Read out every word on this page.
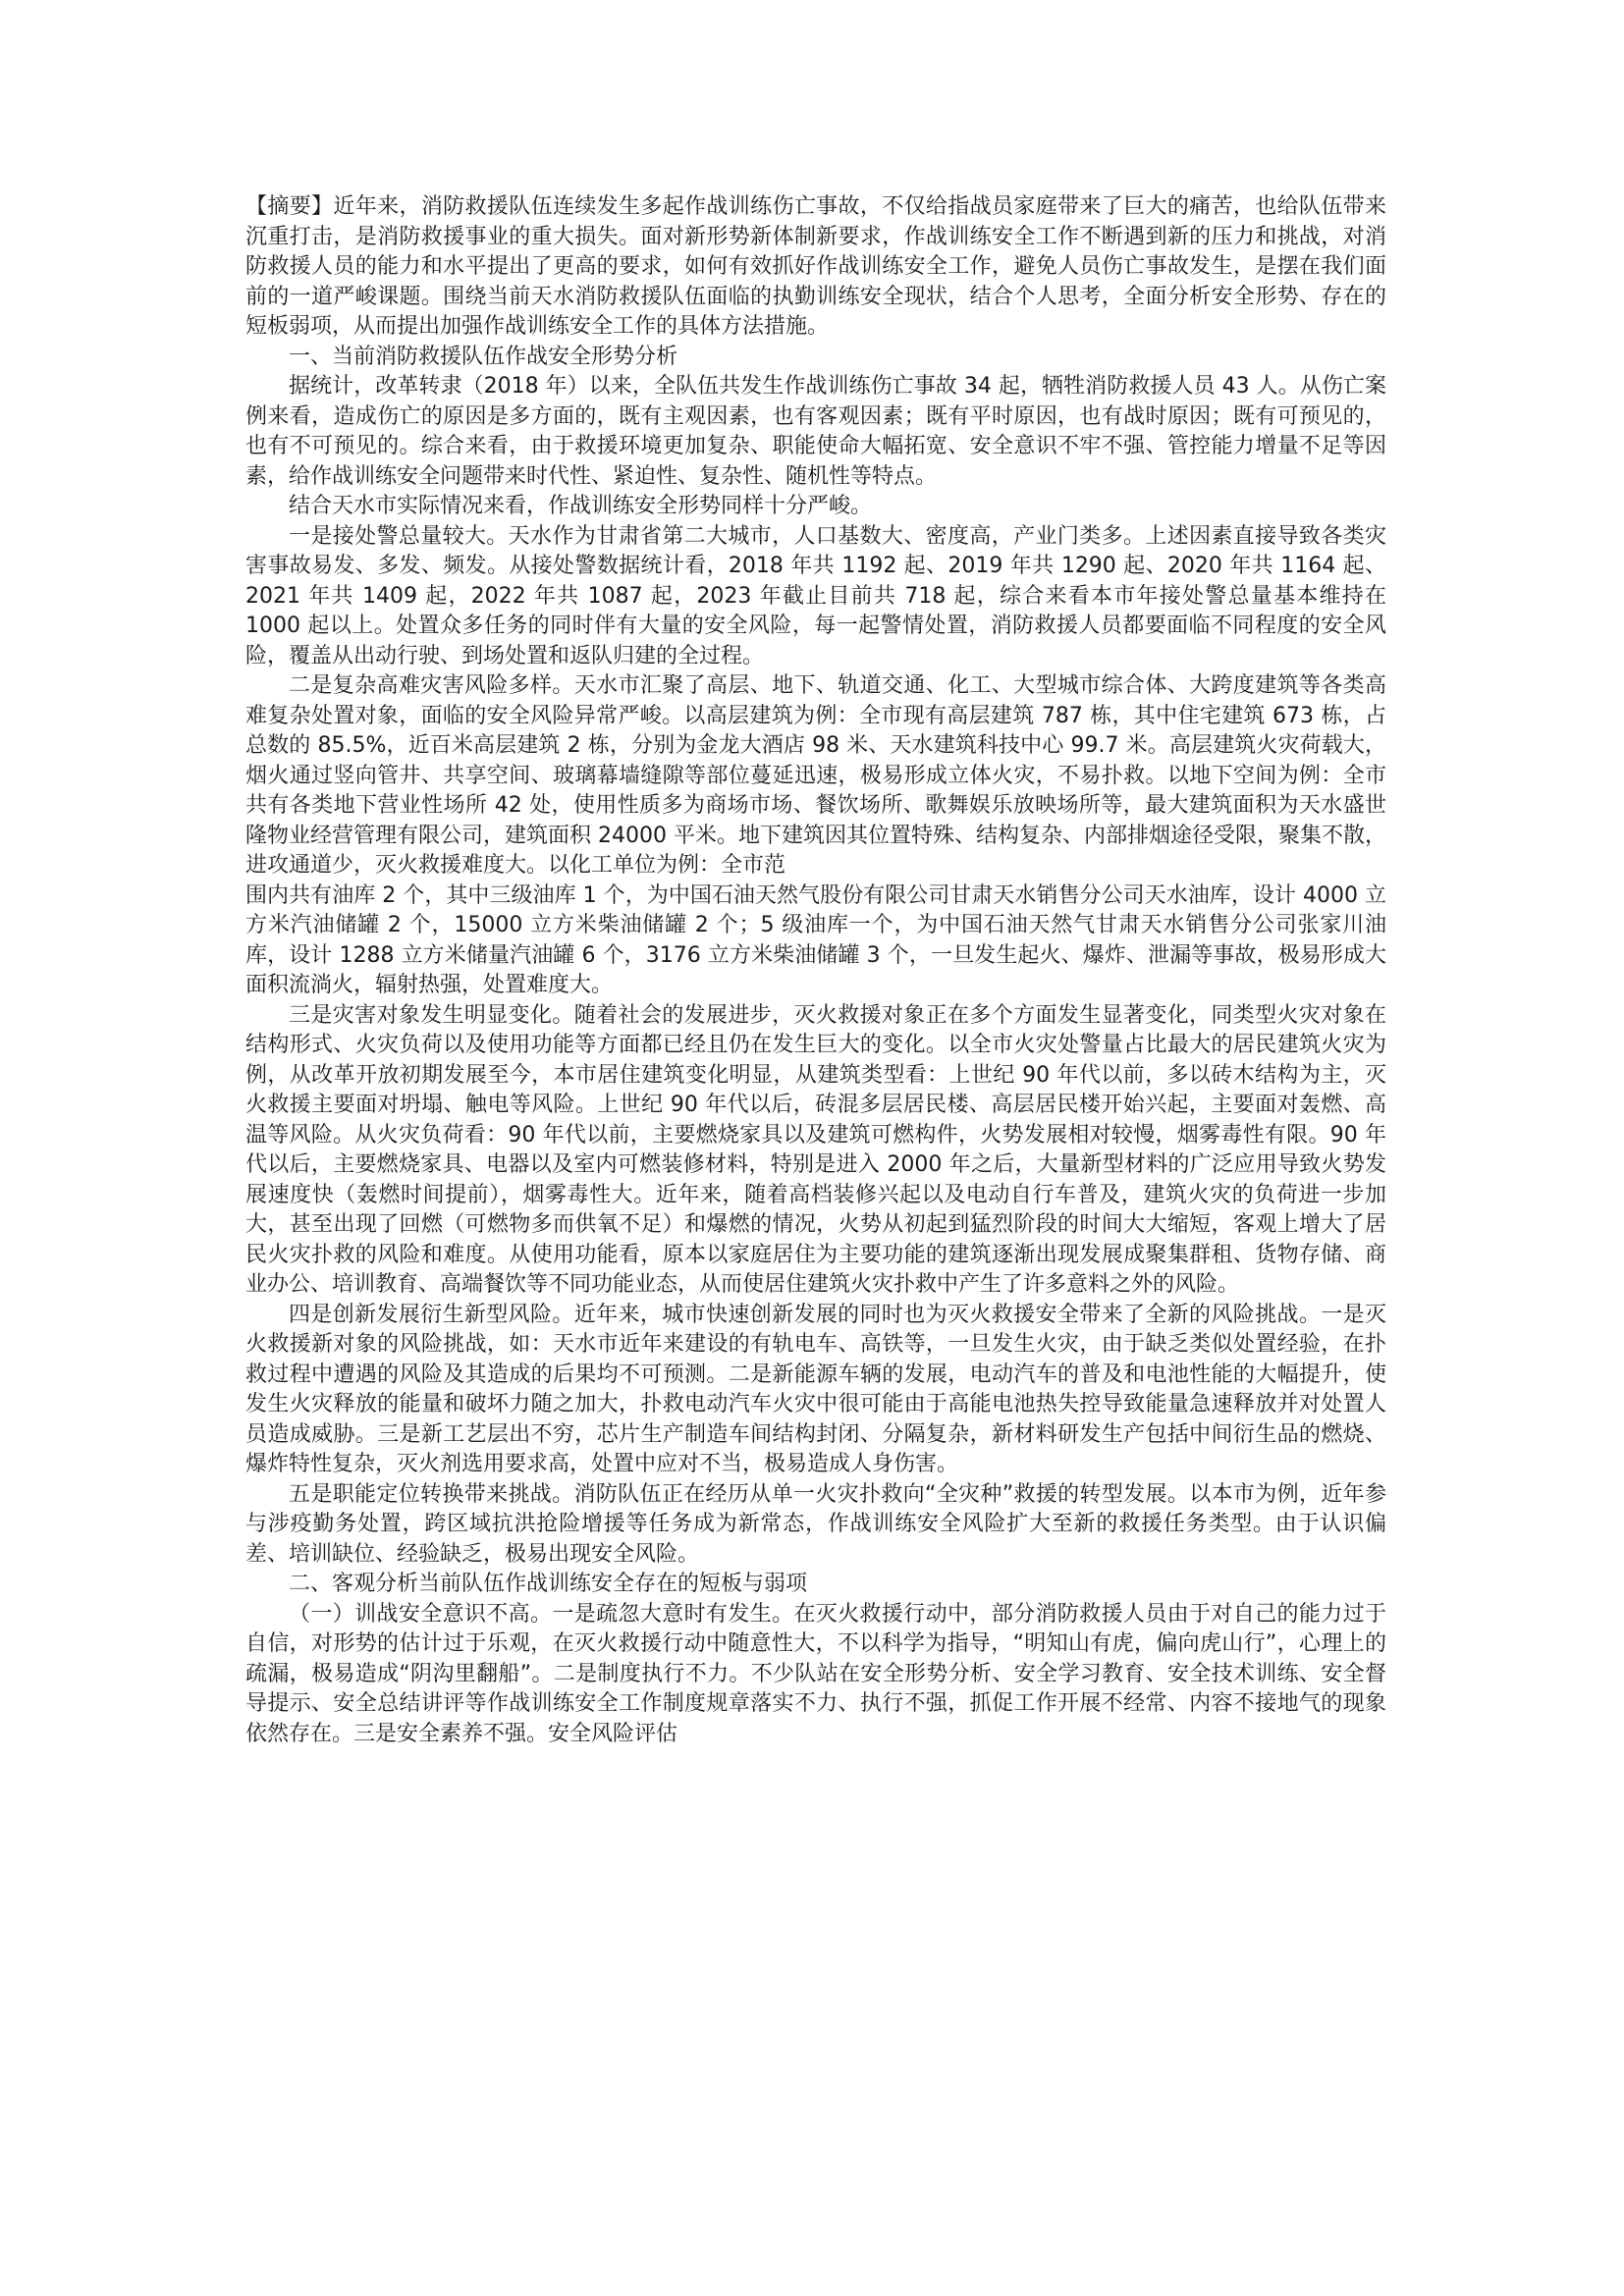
【摘要】近年来，消防救援队伍连续发生多起作战训练伤亡事故，不仅给指战员家庭带来了巨大的痛苦，也给队伍带来沉重打击，是消防救援事业的重大损失。面对新形势新体制新要求，作战训练安全工作不断遇到新的压力和挑战，对消防救援人员的能力和水平提出了更高的要求，如何有效抓好作战训练安全工作，避免人员伤亡事故发生，是摆在我们面前的一道严峻课题。围绕当前天水消防救援队伍面临的执勤训练安全现状，结合个人思考，全面分析安全形势、存在的短板弱项，从而提出加强作战训练安全工作的具体方法措施。

一、当前消防救援队伍作战安全形势分析

据统计，改革转隶（2018 年）以来，全队伍共发生作战训练伤亡事故 34 起，牺牲消防救援人员 43 人。从伤亡案例来看，造成伤亡的原因是多方面的，既有主观因素，也有客观因素；既有平时原因，也有战时原因；既有可预见的，也有不可预见的。综合来看，由于救援环境更加复杂、职能使命大幅拓宽、安全意识不牢不强、管控能力增量不足等因素，给作战训练安全问题带来时代性、紧迫性、复杂性、随机性等特点。

结合天水市实际情况来看，作战训练安全形势同样十分严峻。

一是接处警总量较大。天水作为甘肃省第二大城市，人口基数大、密度高，产业门类多。上述因素直接导致各类灾害事故易发、多发、频发。从接处警数据统计看，2018 年共 1192 起、2019 年共 1290 起、2020 年共 1164 起、2021 年共 1409 起，2022 年共 1087 起，2023 年截止目前共 718 起，综合来看本市年接处警总量基本维持在 1000 起以上。处置众多任务的同时伴有大量的安全风险，每一起警情处置，消防救援人员都要面临不同程度的安全风险，覆盖从出动行驶、到场处置和返队归建的全过程。

二是复杂高难灾害风险多样。天水市汇聚了高层、地下、轨道交通、化工、大型城市综合体、大跨度建筑等各类高难复杂处置对象，面临的安全风险异常严峻。以高层建筑为例：全市现有高层建筑 787 栋，其中住宅建筑 673 栋，占总数的 85.5%，近百米高层建筑 2 栋，分别为金龙大酒店 98 米、天水建筑科技中心 99.7 米。高层建筑火灾荷载大，烟火通过竖向管井、共享空间、玻璃幕墙缝隙等部位蔓延迅速，极易形成立体火灾，不易扑救。以地下空间为例：全市共有各类地下营业性场所 42 处，使用性质多为商场市场、餐饮场所、歌舞娱乐放映场所等，最大建筑面积为天水盛世隆物业经营管理有限公司，建筑面积 24000 平米。地下建筑因其位置特殊、结构复杂、内部排烟途径受限，聚集不散，进攻通道少，灭火救援难度大。以化工单位为例：全市范

围内共有油库 2 个，其中三级油库 1 个，为中国石油天然气股份有限公司甘肃天水销售分公司天水油库，设计 4000 立方米汽油储罐 2 个，15000 立方米柴油储罐 2 个；5 级油库一个，为中国石油天然气甘肃天水销售分公司张家川油库，设计 1288 立方米储量汽油罐 6 个，3176 立方米柴油储罐 3 个，一旦发生起火、爆炸、泄漏等事故，极易形成大面积流淌火，辐射热强，处置难度大。

三是灾害对象发生明显变化。随着社会的发展进步，灭火救援对象正在多个方面发生显著变化，同类型火灾对象在结构形式、火灾负荷以及使用功能等方面都已经且仍在发生巨大的变化。以全市火灾处警量占比最大的居民建筑火灾为例，从改革开放初期发展至今，本市居住建筑变化明显，从建筑类型看：上世纪 90 年代以前，多以砖木结构为主，灭火救援主要面对坍塌、触电等风险。上世纪 90 年代以后，砖混多层居民楼、高层居民楼开始兴起，主要面对轰燃、高温等风险。从火灾负荷看：90 年代以前，主要燃烧家具以及建筑可燃构件，火势发展相对较慢，烟雾毒性有限。90 年代以后，主要燃烧家具、电器以及室内可燃装修材料，特别是进入 2000 年之后，大量新型材料的广泛应用导致火势发展速度快（轰燃时间提前），烟雾毒性大。近年来，随着高档装修兴起以及电动自行车普及，建筑火灾的负荷进一步加大，甚至出现了回燃（可燃物多而供氧不足）和爆燃的情况，火势从初起到猛烈阶段的时间大大缩短，客观上增大了居民火灾扑救的风险和难度。从使用功能看，原本以家庭居住为主要功能的建筑逐渐出现发展成聚集群租、货物存储、商业办公、培训教育、高端餐饮等不同功能业态，从而使居住建筑火灾扑救中产生了许多意料之外的风险。

四是创新发展衍生新型风险。近年来，城市快速创新发展的同时也为灭火救援安全带来了全新的风险挑战。一是灭火救援新对象的风险挑战，如：天水市近年来建设的有轨电车、高铁等，一旦发生火灾，由于缺乏类似处置经验，在扑救过程中遭遇的风险及其造成的后果均不可预测。二是新能源车辆的发展，电动汽车的普及和电池性能的大幅提升，使发生火灾释放的能量和破坏力随之加大，扑救电动汽车火灾中很可能由于高能电池热失控导致能量急速释放并对处置人员造成威胁。三是新工艺层出不穷，芯片生产制造车间结构封闭、分隔复杂，新材料研发生产包括中间衍生品的燃烧、爆炸特性复杂，灭火剂选用要求高，处置中应对不当，极易造成人身伤害。

五是职能定位转换带来挑战。消防队伍正在经历从单一火灾扑救向“全灾种”救援的转型发展。以本市为例，近年参与涉疫勤务处置，跨区域抗洪抢险增援等任务成为新常态，作战训练安全风险扩大至新的救援任务类型。由于认识偏差、培训缺位、经验缺乏，极易出现安全风险。

二、客观分析当前队伍作战训练安全存在的短板与弱项

（一）训战安全意识不高。一是疏忽大意时有发生。在灭火救援行动中，部分消防救援人员由于对自己的能力过于自信，对形势的估计过于乐观，在灭火救援行动中随意性大，不以科学为指导，“明知山有虎，偏向虎山行”，心理上的疏漏，极易造成“阴沟里翻船”。二是制度执行不力。不少队站在安全形势分析、安全学习教育、安全技术训练、安全督导提示、安全总结讲评等作战训练安全工作制度规章落实不力、执行不强，抓促工作开展不经常、内容不接地气的现象依然存在。三是安全素养不强。安全风险评估
